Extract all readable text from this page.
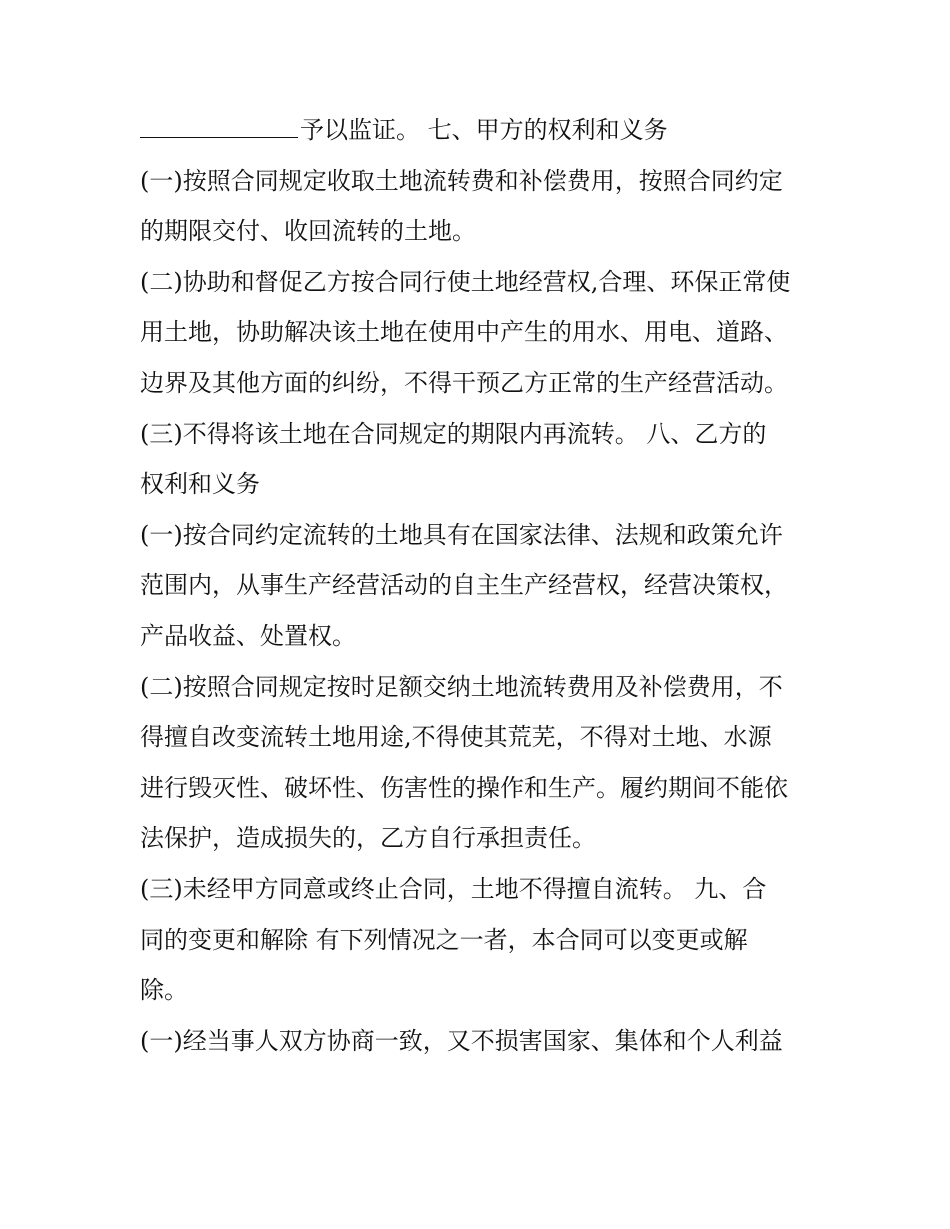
予以监证。 七、甲方的权利和义务
(一)按照合同规定收取土地流转费和补偿费用，按照合同约定
的期限交付、收回流转的土地。
(二)协助和督促乙方按合同行使土地经营权,合理、环保正常使
用土地，协助解决该土地在使用中产生的用水、用电、道路、
边界及其他方面的纠纷，不得干预乙方正常的生产经营活动。
(三)不得将该土地在合同规定的期限内再流转。 八、乙方的
权利和义务
(一)按合同约定流转的土地具有在国家法律、法规和政策允许
范围内，从事生产经营活动的自主生产经营权，经营决策权，
产品收益、处置权。
(二)按照合同规定按时足额交纳土地流转费用及补偿费用，不
得擅自改变流转土地用途,不得使其荒芜，不得对土地、水源
进行毁灭性、破坏性、伤害性的操作和生产。履约期间不能依
法保护，造成损失的，乙方自行承担责任。
(三)未经甲方同意或终止合同，土地不得擅自流转。 九、合
同的变更和解除 有下列情况之一者，本合同可以变更或解
除。
(一)经当事人双方协商一致，又不损害国家、集体和个人利益
